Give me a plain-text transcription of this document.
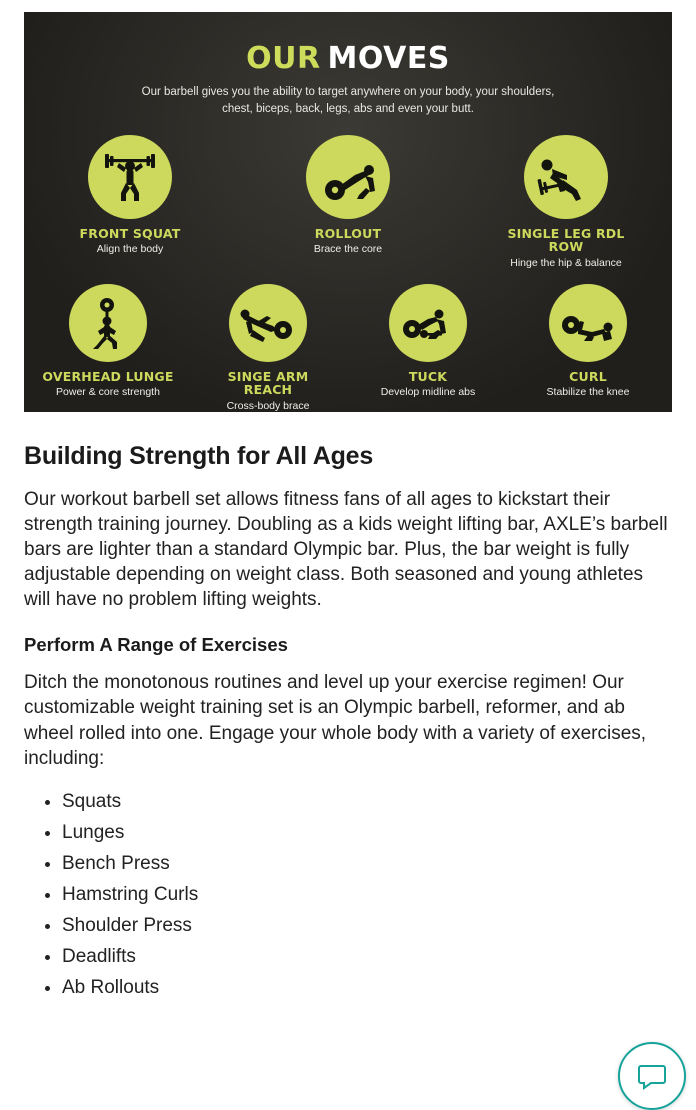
OUR MOVES
Our barbell gives you the ability to target anywhere on your body, your shoulders, chest, biceps, back, legs, abs and even your butt.
FRONT SQUAT
Align the body
ROLLOUT
Brace the core
SINGLE LEG RDL ROW
Hinge the hip & balance
OVERHEAD LUNGE
Power & core strength
SINGE ARM REACH
Cross-body brace
TUCK
Develop midline abs
CURL
Stabilize the knee
Building Strength for All Ages

Our workout barbell set allows fitness fans of all ages to kickstart their strength training journey. Doubling as a kids weight lifting bar, AXLE’s barbell bars are lighter than a standard Olympic bar. Plus, the bar weight is fully adjustable depending on weight class. Both seasoned and young athletes will have no problem lifting weights.

Perform A Range of Exercises

Ditch the monotonous routines and level up your exercise regimen! Our customizable weight training set is an Olympic barbell, reformer, and ab wheel rolled into one. Engage your whole body with a variety of exercises, including:

• Squats
• Lunges
• Bench Press
• Hamstring Curls
• Shoulder Press
• Deadlifts
• Ab Rollouts
